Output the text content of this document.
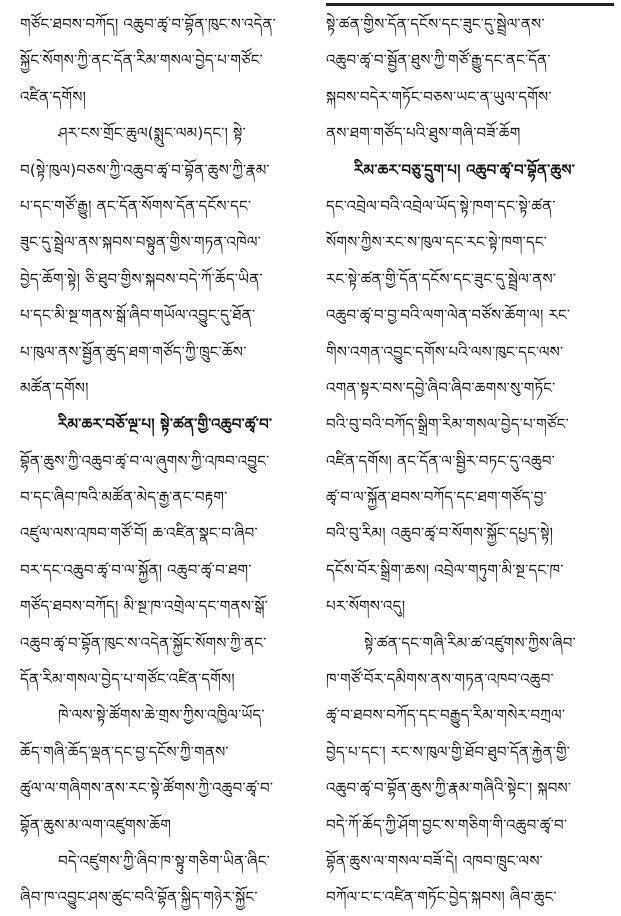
གཙོང་ཐབས་བཀོད། འཆུབ་ཚྭ་བ་བྷོན་ཁུང་ས་འདེན་
སྐྱོང་སོགས་ཀྱི་ནང་དོན་རིམ་གསལ་བྱེད་པ་གཙོང་
འཛིན་དགོས།
ཤར་ངས་གྲོང་ཆུལ(སྨུང་ལམ)དང་། སྟེ་
བ(སྟེ་ཁུལ)བཅས་ཀྱི་འཆུབ་ཚྭ་བ་བྷོན་ཆུས་ཀྱི་རྣམ་
པ་དང་གཙོ་རྒྱུ། ནང་དོན་སོགས་དོན་དངོས་དང་
ཟུང་དུ་སྦྲེལ་ནས་སྐབས་བསྟུན་གྱིས་གཏན་འཁེལ་
བྱེད་ཆོག་སྟེ། ཅི་ཐུབ་གྱིས་སྐབས་བདེ་ཀོ་ཆོད་ཡིན་
པ་དང་མི་སྔ་གནས་སྒོ་ཞིབ་གཡོལ་འབྱུང་དུ་ཐོན་
པ་ཁུལ་ནས་སྦྱོན་ཚུད་ཐག་གཙོད་ཀྱི་ཁྲུང་ཆོས་
མཚོན་དགོས།
རིམ་ཆར་བཅོ་ལྔ་པ། སྟེ་ཚན་གྱི་འཆུབ་ཚྭ་བ་
བྷོན་ཆུས་ཀྱི་འཆུབ་ཚྭ་བ་ལ་ཞུགས་ཀྱི་འཁབ་འབྱུང་
བ་དང་ཞིབ་ཁའི་མཚོན་མེད་རྒྱ་ནང་བརྟག་
འཛུལ་ལས་འཁབ་གཙོ་བོ། ཆ་འཛིན་སྣང་བ་ཞིབ་
བར་དང་འཆུབ་ཚྭ་བ་ལ་སྐྱོན། འཆུབ་ཚྭ་བ་ཐག་
གཙོད་ཐབས་བཀོད། མི་སྔ་ཁ་འགྲེལ་དང་གནས་སྒོ་
འཆུབ་ཚྭ་བ་བྷོན་ཁུང་ས་འདེན་སྐྱོང་སོགས་ཀྱི་ནང་
དོན་རིམ་གསལ་བྱེད་པ་གཙོང་འཛིན་དགོས།
ཁེ་ལས་སྟེ་ཚོགས་ཆེ་གྲས་ཀྱིས་འཁྱིལ་ཡོད་
ཆོད་གཞི་ཆོད་ལྡན་དང་བྱ་དངོས་ཀྱི་གནས་
ཚུལ་ལ་གཞིགས་ནས་རང་སྟེ་ཚོགས་ཀྱི་འཆུབ་ཚྭ་བ་
བྷོན་ཆུས་མ་ལག་འཛུགས་ཆོག
བདེ་འཛུགས་ཀྱི་ཞིབ་ཁ་སྟུ་གཅིག་ཡིན་ཞིང་
ཞིབ་ཁ་འབྱུང་ཤས་ཚུང་བའི་བྷོན་སྐྱིད་གཉེར་སྐྱོང་
སྟེ་ཚན་གྱིས་དོན་དངོས་དང་ཟུང་དུ་སྦྲེལ་ནས་
འཆུབ་ཚྭ་བ་སྦྱོན་ཐུས་ཀྱི་གཙོ་རྒྱུ་དང་ནང་དོན་
སྐབས་བདེར་གཏོང་བཅས་ཡང་ན་ཡུལ་དགོས་
ནས་ཐག་གཙོད་པའི་ཐུས་གཞི་བཟོ་ཆོག
རིམ་ཆར་བཅུ་དྲུག་པ། འཆུབ་ཚྭ་བ་བྷོན་ཆུས་
དང་འབྲེལ་བའི་འབྲེལ་ཡོད་སྟེ་ཁག་དང་སྟེ་ཚན་
སོགས་ཀྱིས་རང་ས་ཁུལ་དང་རང་སྟེ་ཁག་དང་
རང་སྟེ་ཚན་གྱི་དོན་དངོས་དང་ཟུང་དུ་སྦྲེལ་ནས་
འཆུབ་ཚྭ་བ་བྱ་བའི་ལག་ལེན་བཙོས་ཆོག་ལ། རང་
གིས་འགན་འབྱུང་དགོས་པའི་ལས་ཁུང་དང་ལས་
འགན་སྟར་བས་དབྱེ་ཞིབ་ཞིབ་ཆགས་སུ་གཏོང་
བའི་བུ་བའི་བཀོད་སྒྲིག་རིམ་གསལ་བྱེད་པ་གཙོང་
འཛིན་དགོས། ནང་དོན་ལ་སྦྱིར་བཏང་དུ་འཆུབ་
ཚྭ་བ་ལ་སྐྱོན་ཐབས་བཀོད་དང་ཐག་གཙོད་བྱ་
བའི་བུ་རིམ། འཆུབ་ཚྭ་བ་སོགས་སྐྱོང་དཔྱད་སྟེ།
དངོས་བོར་སྒྲིག་ཆས། འབྲེལ་གཏུག་མི་སྔ་དང་ཁ་
པར་སོགས་འདུ།
སྟེ་ཚན་དང་གཞི་རིམ་ཚ་འཛུགས་ཀྱིས་ཞིབ་
ཁ་གཙོ་བོར་དམིགས་ནས་གཏན་འཁབ་འཆུབ་
ཚྭ་བ་ཐབས་བཀོད་དང་བརྒྱུད་རིམ་གསེར་བཀྲལ་
བྱེད་པ་དང་། རང་ས་ཁུལ་གྱི་ཐོབ་ཐུབ་དོན་རྐྱེན་གྱི་
འཆུབ་ཚྭ་བ་བྷོན་ཆུས་ཀྱི་རྣམ་གཞིའི་སྟེང་། སྐབས་
བདེ་ཀོ་ཆོད་ཀྱི་ཤོག་བྱང་ས་གཅིག་གི་འཆུབ་ཚྭ་བ་
བྷོན་ཆུས་ལ་གསལ་བཟོ་དེ། འཁབ་ཁྲུང་ལས་
བཀོལ་ང་ང་འཛིན་གཏོང་བྱེད་སྐབས། ཞིབ་ཆུང་
